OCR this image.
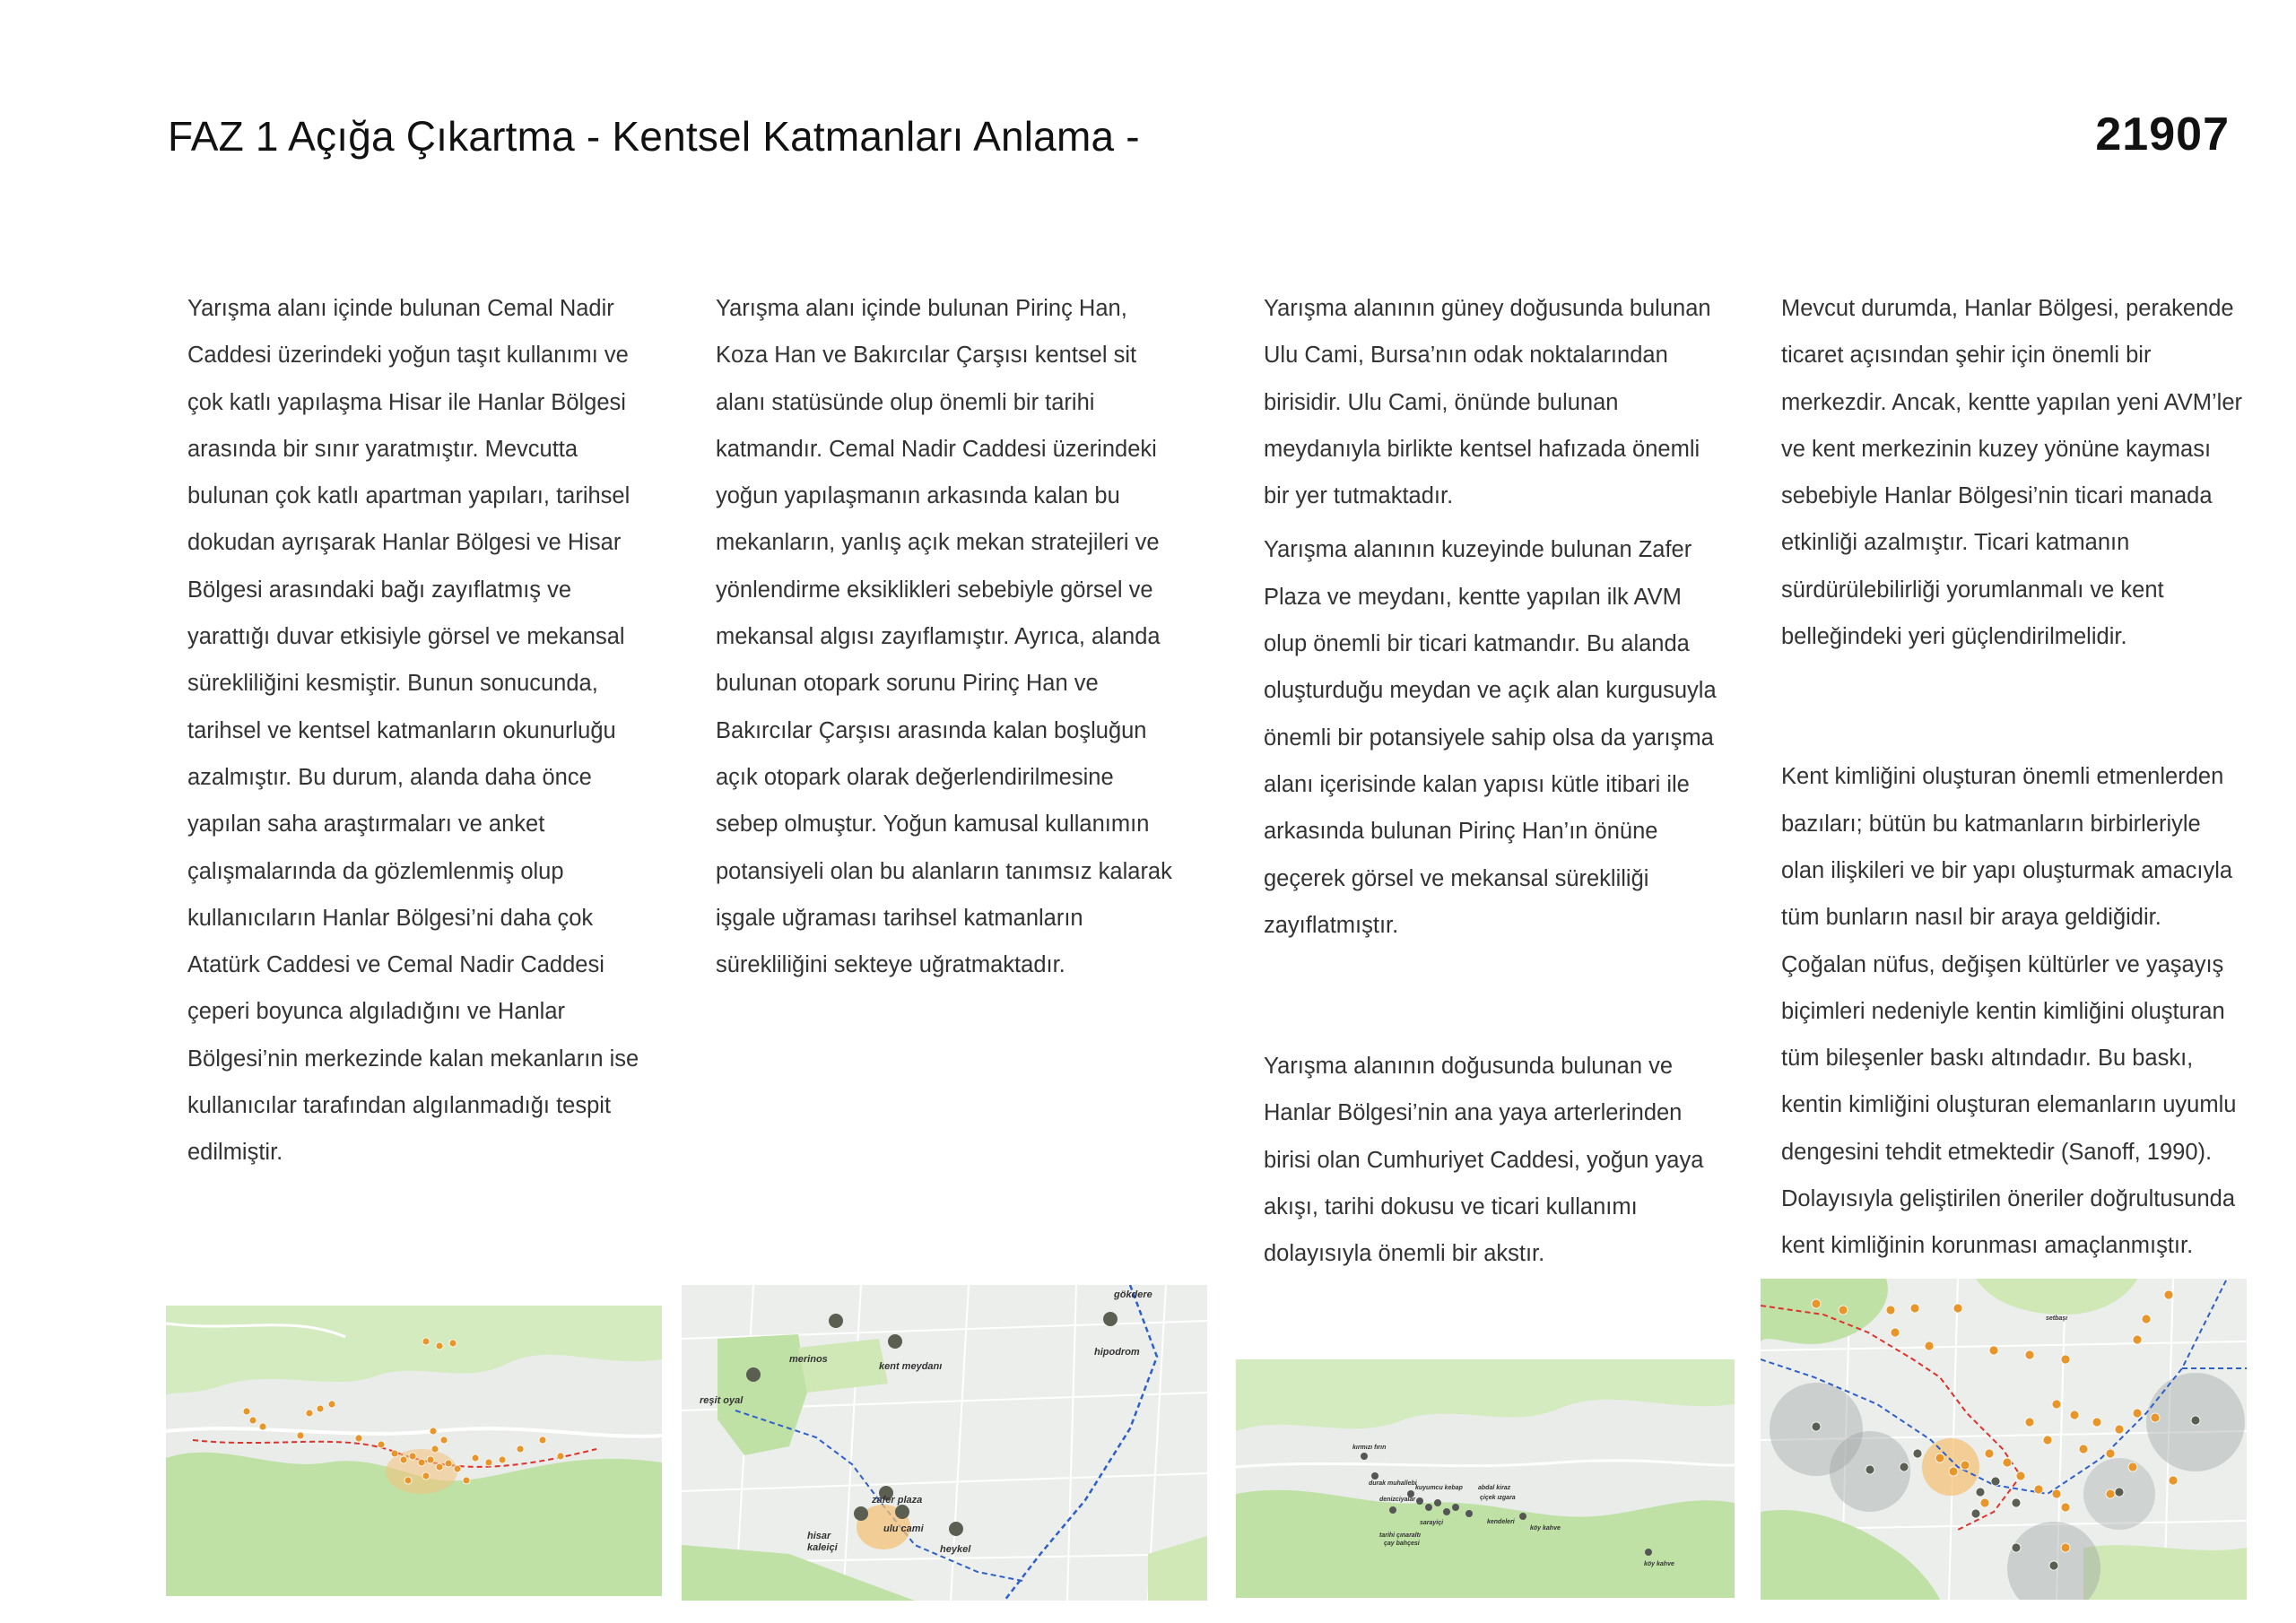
FAZ 1 Açığa Çıkartma - Kentsel Katmanları Anlama -	21907

Yarışma alanı içinde bulunan Cemal Nadir Caddesi üzerindeki yoğun taşıt kullanımı ve çok katlı yapılaşma Hisar ile Hanlar Bölgesi arasında bir sınır yaratmıştır. Mevcutta bulunan çok katlı apartman yapıları, tarihsel dokudan ayrışarak Hanlar Bölgesi ve Hisar Bölgesi arasındaki bağı zayıflatmış ve yarattığı duvar etkisiyle görsel ve mekansal sürekliliğini kesmiştir. Bunun sonucunda, tarihsel ve kentsel katmanların okunurluğu azalmıştır. Bu durum, alanda daha önce yapılan saha araştırmaları ve anket çalışmalarında da gözlemlenmiş olup kullanıcıların Hanlar Bölgesi’ni daha çok Atatürk Caddesi ve Cemal Nadir Caddesi çeperi boyunca algıladığını ve Hanlar Bölgesi’nin merkezinde kalan mekanların ise kullanıcılar tarafından algılanmadığı tespit edilmiştir.

Yarışma alanı içinde bulunan Pirinç Han, Koza Han ve Bakırcılar Çarşısı kentsel sit alanı statüsünde olup önemli bir tarihi katmandır. Cemal Nadir Caddesi üzerindeki yoğun yapılaşmanın arkasında kalan bu mekanların, yanlış açık mekan stratejileri ve yönlendirme eksiklikleri sebebiyle görsel ve mekansal algısı zayıflamıştır. Ayrıca, alanda bulunan otopark sorunu Pirinç Han ve Bakırcılar Çarşısı arasında kalan boşluğun açık otopark olarak değerlendirilmesine sebep olmuştur. Yoğun kamusal kullanımın potansiyeli olan bu alanların tanımsız kalarak işgale uğraması tarihsel katmanların sürekliliğini sekteye uğratmaktadır.

Yarışma alanının güney doğusunda bulunan Ulu Cami, Bursa’nın odak noktalarından birisidir. Ulu Cami, önünde bulunan meydanıyla birlikte kentsel hafızada önemli bir yer tutmaktadır.

Yarışma alanının kuzeyinde bulunan Zafer Plaza ve meydanı, kentte yapılan ilk AVM olup önemli bir ticari katmandır. Bu alanda oluşturduğu meydan ve açık alan kurgusuyla önemli bir potansiyele sahip olsa da yarışma alanı içerisinde kalan yapısı kütle itibari ile arkasında bulunan Pirinç Han’ın önüne geçerek görsel ve mekansal sürekliliği zayıflatmıştır.

Yarışma alanının doğusunda bulunan ve Hanlar Bölgesi’nin ana yaya arterlerinden birisi olan Cumhuriyet Caddesi, yoğun yaya akışı, tarihi dokusu ve ticari kullanımı dolayısıyla önemli bir akstır.

Mevcut durumda, Hanlar Bölgesi, perakende ticaret açısından şehir için önemli bir merkezdir. Ancak, kentte yapılan yeni AVM’ler ve kent merkezinin kuzey yönüne kayması sebebiyle Hanlar Bölgesi’nin ticari manada etkinliği azalmıştır. Ticari katmanın sürdürülebilirliği yorumlanmalı ve kent belleğindeki yeri güçlendirilmelidir.

Kent kimliğini oluşturan önemli etmenlerden bazıları; bütün bu katmanların birbirleriyle olan ilişkileri ve bir yapı oluşturmak amacıyla tüm bunların nasıl bir araya geldiğidir. Çoğalan nüfus, değişen kültürler ve yaşayış biçimleri nedeniyle kentin kimliğini oluşturan tüm bileşenler baskı altındadır. Bu baskı, kentin kimliğini oluşturan elemanların uyumlu dengesini tehdit etmektedir (Sanoff, 1990). Dolayısıyla geliştirilen öneriler doğrultusunda kent kimliğinin korunması amaçlanmıştır.

gökdere
hipodrom
merinos
kent meydanı
reşit oyal
zafer plaza
hisar
kaleiçi
ulu cami
heykel
kırmızı fırın
durak muhallebi
kuyumcu kebap abdal kiraz
denizciyalar	çiçek ızgara
sarayiçi	kendeleri
köy kahve
tarihi çınaraltı
çay bahçesi
köy kahve
setbaşı
